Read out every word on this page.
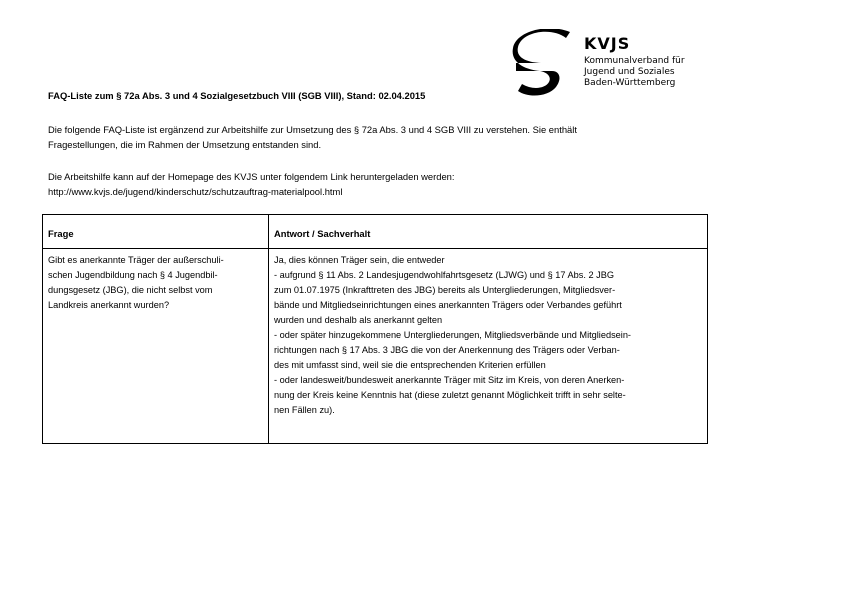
KVJS
Kommunalverband für
Jugend und Soziales
Baden-Württemberg
FAQ-Liste zum § 72a Abs. 3 und 4 Sozialgesetzbuch VIII (SGB VIII), Stand: 02.04.2015
Die folgende FAQ-Liste ist ergänzend zur Arbeitshilfe zur Umsetzung des § 72a Abs. 3 und 4 SGB VIII zu verstehen. Sie enthält
Fragestellungen, die im Rahmen der Umsetzung entstanden sind.
Die Arbeitshilfe kann auf der Homepage des KVJS unter folgendem Link heruntergeladen werden:
http://www.kvjs.de/jugend/kinderschutz/schutzauftrag-materialpool.html
Frage	Antwort / Sachverhalt
Gibt es anerkannte Träger der außerschuli-
schen Jugendbildung nach § 4 Jugendbil-
dungsgesetz (JBG), die nicht selbst vom
Landkreis anerkannt wurden?
Ja, dies können Träger sein, die entweder
- aufgrund § 11 Abs. 2 Landesjugendwohlfahrtsgesetz (LJWG) und § 17 Abs. 2 JBG
zum 01.07.1975 (Inkrafttreten des JBG) bereits als Untergliederungen, Mitgliedsver-
bände und Mitgliedseinrichtungen eines anerkannten Trägers oder Verbandes geführt
wurden und deshalb als anerkannt gelten
- oder später hinzugekommene Untergliederungen, Mitgliedsverbände und Mitgliedsein-
richtungen nach § 17 Abs. 3 JBG die von der Anerkennung des Trägers oder Verban-
des mit umfasst sind, weil sie die entsprechenden Kriterien erfüllen
- oder landesweit/bundesweit anerkannte Träger mit Sitz im Kreis, von deren Anerken-
nung der Kreis keine Kenntnis hat (diese zuletzt genannt Möglichkeit trifft in sehr selte-
nen Fällen zu).
